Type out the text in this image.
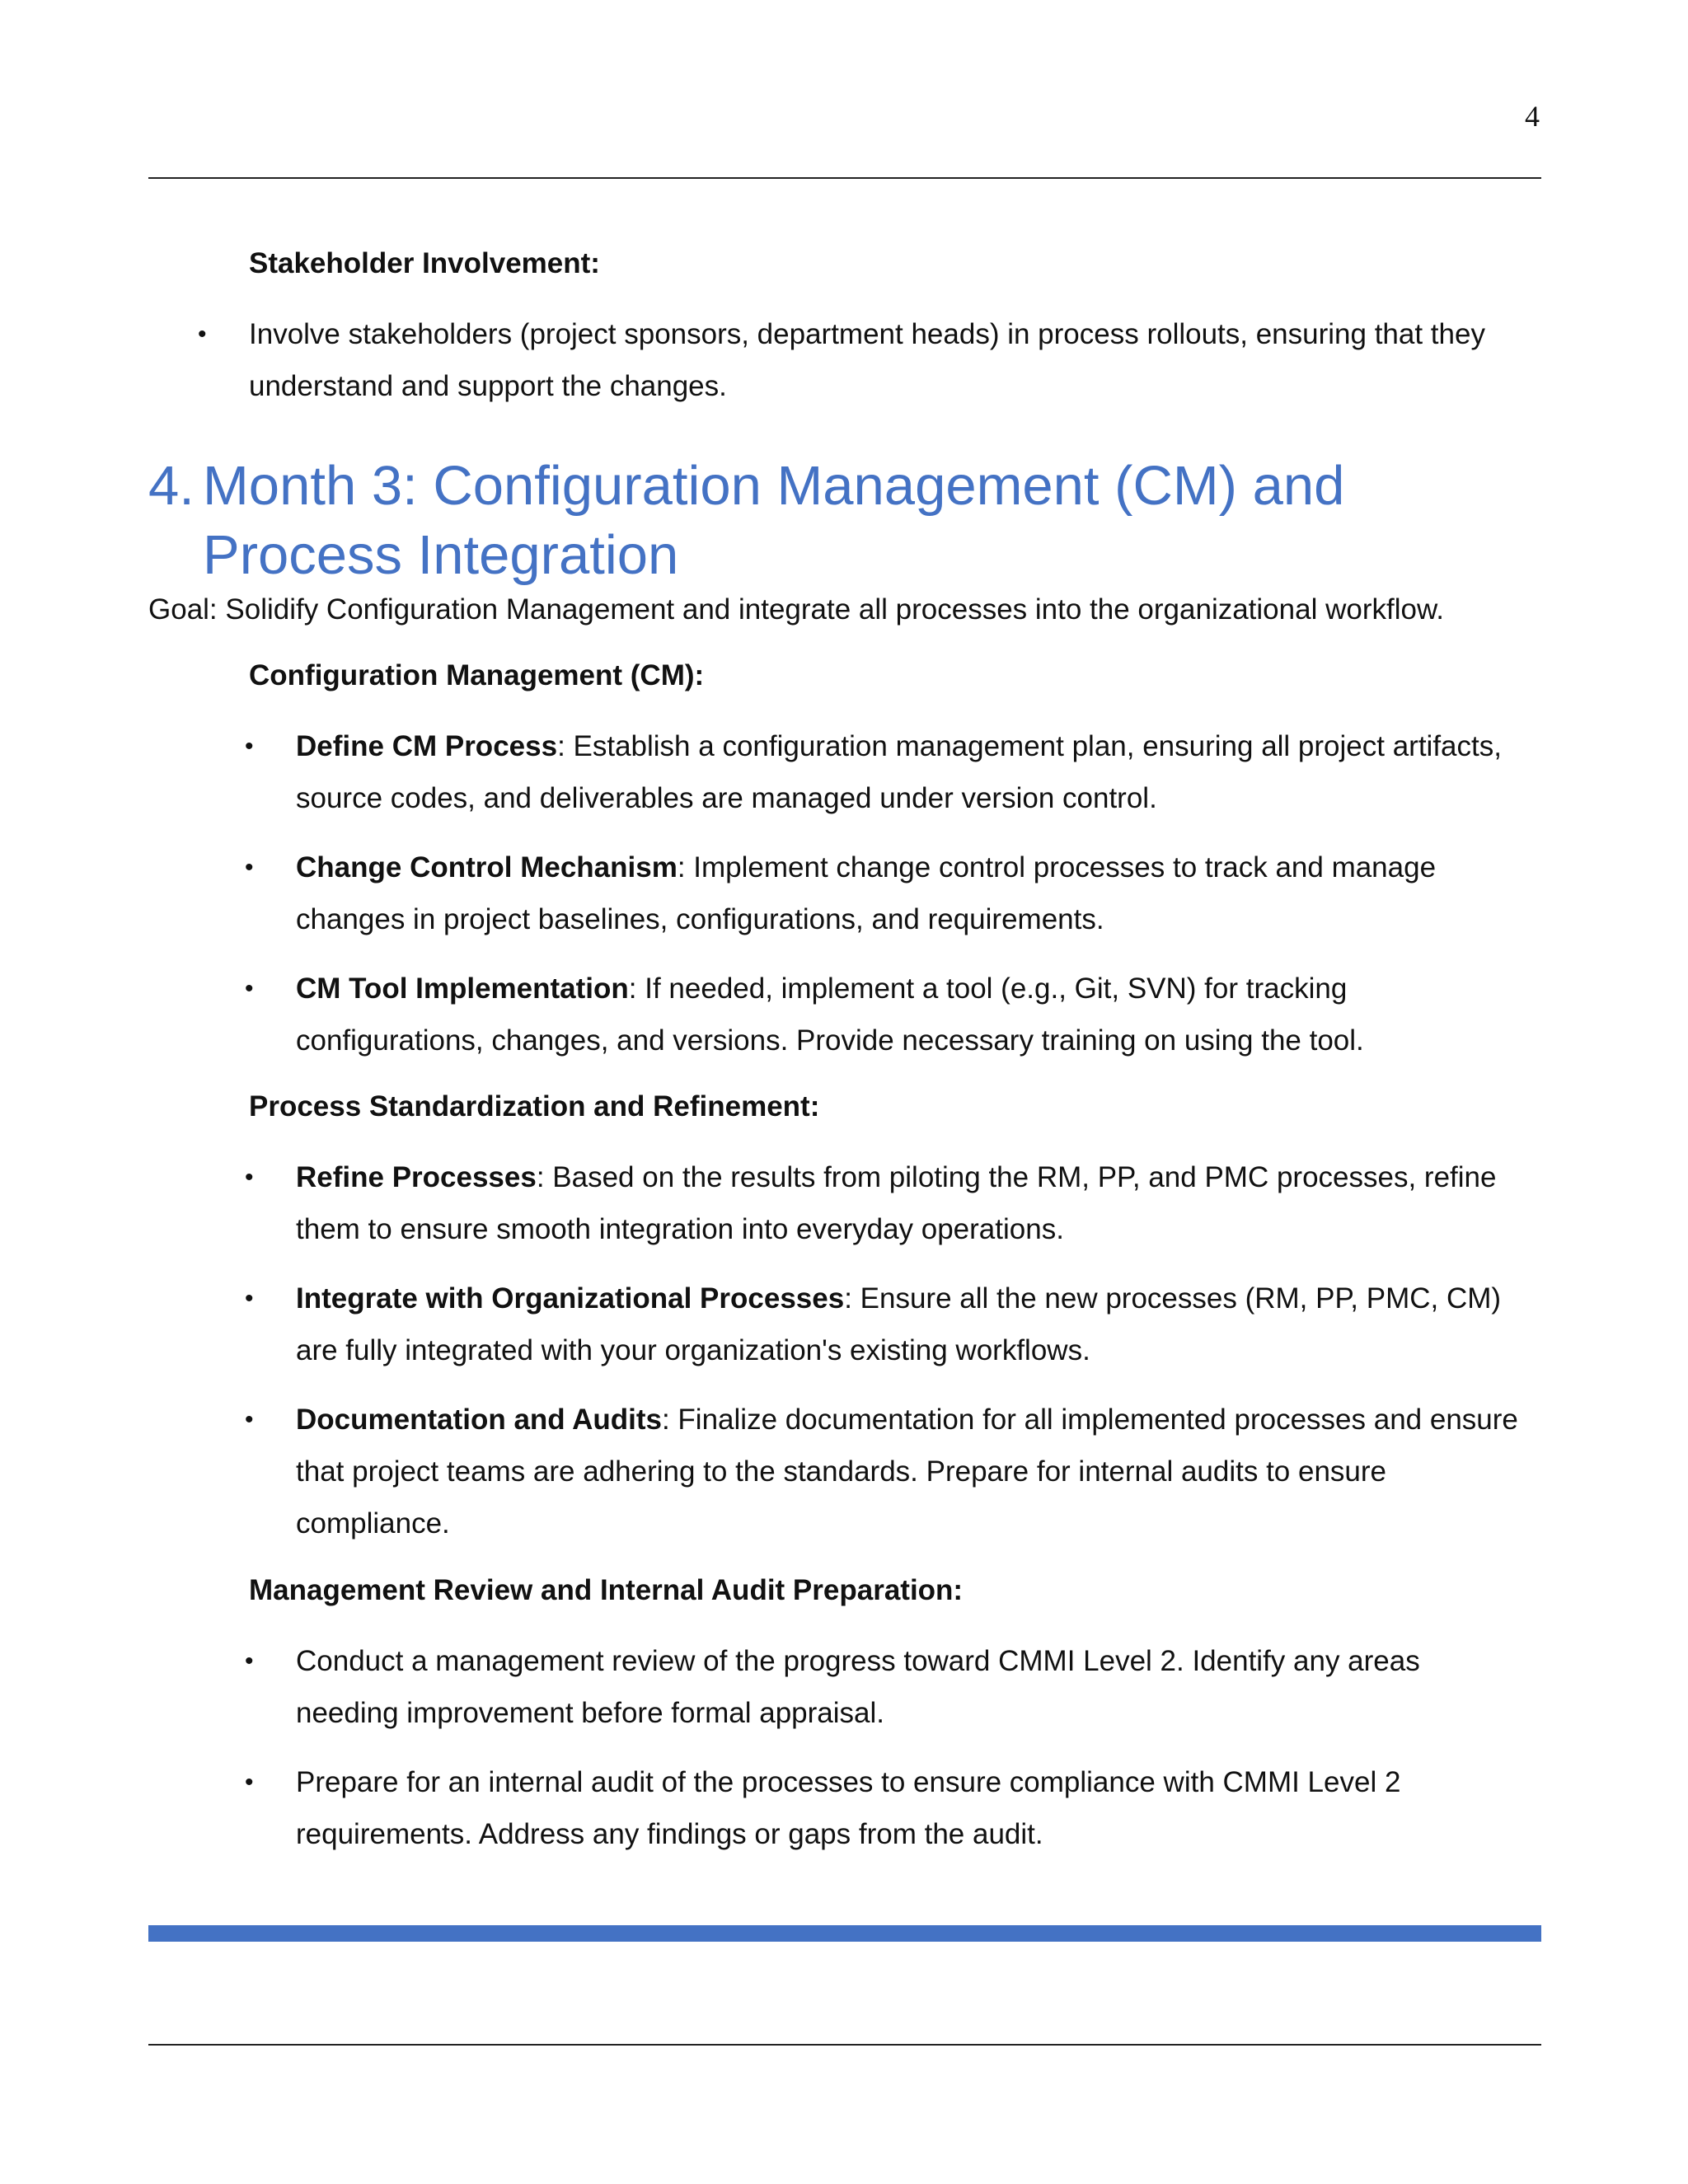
4
Stakeholder Involvement:
• Involve stakeholders (project sponsors, department heads) in process rollouts, ensuring that they understand and support the changes.
4. Month 3: Configuration Management (CM) and Process Integration
Goal: Solidify Configuration Management and integrate all processes into the organizational workflow.
Configuration Management (CM):
• Define CM Process: Establish a configuration management plan, ensuring all project artifacts, source codes, and deliverables are managed under version control.
• Change Control Mechanism: Implement change control processes to track and manage changes in project baselines, configurations, and requirements.
• CM Tool Implementation: If needed, implement a tool (e.g., Git, SVN) for tracking configurations, changes, and versions. Provide necessary training on using the tool.
Process Standardization and Refinement:
• Refine Processes: Based on the results from piloting the RM, PP, and PMC processes, refine them to ensure smooth integration into everyday operations.
• Integrate with Organizational Processes: Ensure all the new processes (RM, PP, PMC, CM) are fully integrated with your organization's existing workflows.
• Documentation and Audits: Finalize documentation for all implemented processes and ensure that project teams are adhering to the standards. Prepare for internal audits to ensure compliance.
Management Review and Internal Audit Preparation:
• Conduct a management review of the progress toward CMMI Level 2. Identify any areas needing improvement before formal appraisal.
• Prepare for an internal audit of the processes to ensure compliance with CMMI Level 2 requirements. Address any findings or gaps from the audit.
